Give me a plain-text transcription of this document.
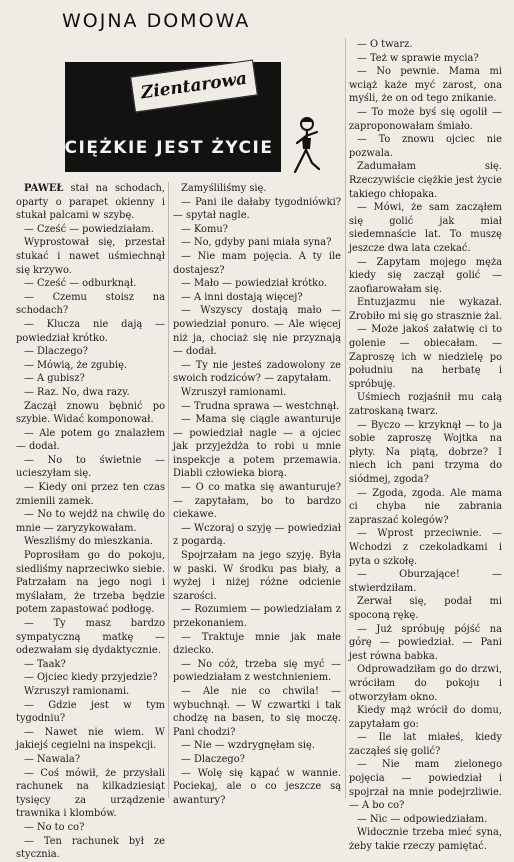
WOJNA DOMOWA
Zientarowa
CIĘŻKIE JEST ŻYCIE

PAWEŁ stał na schodach, oparty o parapet okienny i stukał palcami w szybę.

— Cześć — powiedziałam.

Wyprostował się, przestał stukać i nawet uśmiechnął się krzywo.

— Cześć — odburknął.

— Czemu stoisz na schodach?

— Klucza nie dają — powiedział krótko.

— Dlaczego?

— Mówią, że zgubię.

— A gubisz?

— Raz. No, dwa razy.

Zaczął znowu bębnić po szybie. Widać komponował.

— Ale potem go znalazłem — dodał.

— No to świetnie — ucieszyłam się.

— Kiedy oni przez ten czas zmienili zamek.

— No to wejdź na chwilę do mnie — zaryzykowałam.

Weszliśmy do mieszkania.

Poprosiłam go do pokoju, siedliśmy naprzeciwko siebie. Patrzałam na jego nogi i myślałam, że trzeba będzie potem zapastować podłogę.

— Ty masz bardzo sympatyczną matkę — odezwałam się dydaktycznie.

— Taak?

— Ojciec kiedy przyjedzie?

Wzruszył ramionami.

— Gdzie jest w tym tygodniu?

— Nawet nie wiem. W jakiejś cegielni na inspekcji.

— Nawala?

— Coś mówił, że przysłali rachunek na kilkadziesiąt tysięcy za urządzenie trawnika i klombów.

— No to co?

— Ten rachunek był ze stycznia.

Zamyśliliśmy się.

— Pani ile dałaby tygodniówki? — spytał nagle.

— Komu?

— No, gdyby pani miała syna?

— Nie mam pojęcia. A ty ile dostajesz?

— Mało — powiedział krótko.

— A inni dostają więcej?

— Wszyscy dostają mało — powiedział ponuro. — Ale więcej niż ja, chociaż się nie przyznają — dodał.

— Ty nie jesteś zadowolony ze swoich rodziców? — zapytałam.

Wzruszył ramionami.

— Trudna sprawa — westchnął.

— Mama się ciągle awanturuje — powiedział nagle — a ojciec jak przyjeżdża to robi u mnie inspekcje a potem przemawia. Diabli człowieka biorą.

— O co matka się awanturuje? — zapytałam, bo to bardzo ciekawe.

— Wczoraj o szyję — powiedział z pogardą.

Spojrzałam na jego szyję. Była w paski. W środku pas biały, a wyżej i niżej różne odcienie szarości.

— Rozumiem — powiedziałam z przekonaniem.

— Traktuje mnie jak małe dziecko.

— No cóż, trzeba się myć — powiedziałam z westchnieniem.

— Ale nie co chwila! — wybuchnął. — W czwartki i tak chodzę na basen, to się moczę. Pani chodzi?

— Nie — wzdrygnęłam się.

— Dlaczego?

— Wolę się kąpać w wannie. Pociekaj, ale o co jeszcze są awantury?

— O twarz.

— Też w sprawie mycia?

— No pewnie. Mama mi wciąż każe myć zarost, ona myśli, że on od tego znikanie.

— To może byś się ogolił — zaproponowałam śmiało.

— To znowu ojciec nie pozwala.

Zadumałam się. Rzeczywiście ciężkie jest życie takiego chłopaka.

— Mówi, że sam zacząłem się golić jak miał siedemnaście lat. To muszę jeszcze dwa lata czekać.

— Zapytam mojego męża kiedy się zaczął golić — zaofiarowałam się.

Entuzjazmu nie wykazał. Zrobiło mi się go strasznie żal.

— Może jakoś załatwię ci to golenie — obiecałam. — Zaproszę ich w niedzielę po południu na herbatę i spróbuję.

Uśmiech rozjaśnił mu całą zatroskaną twarz.

— Byczo — krzyknął — to ja sobie zaproszę Wojtka na płyty. Na piątą, dobrze? I niech ich pani trzyma do siódmej, zgoda?

— Zgoda, zgoda. Ale mama ci chyba nie zabrania zapraszać kolegów?

— Wprost przeciwnie. — Wchodzi z czekoladkami i pyta o szkołę.

— Oburzające! — stwierdziłam.

Zerwał się, podał mi spoconą rękę.

— Już spróbuję pójść na górę — powiedział. — Pani jest równa babka.

Odprowadziłam go do drzwi, wróciłam do pokoju i otworzyłam okno.

Kiedy mąż wrócił do domu, zapytałam go:

— Ile lat miałeś, kiedy zacząłeś się golić?

— Nie mam zielonego pojęcia — powiedział i spojrzał na mnie podejrzliwie. — A bo co?

— Nic — odpowiedziałam.

Widocznie trzeba mieć syna, żeby takie rzeczy pamiętać.
